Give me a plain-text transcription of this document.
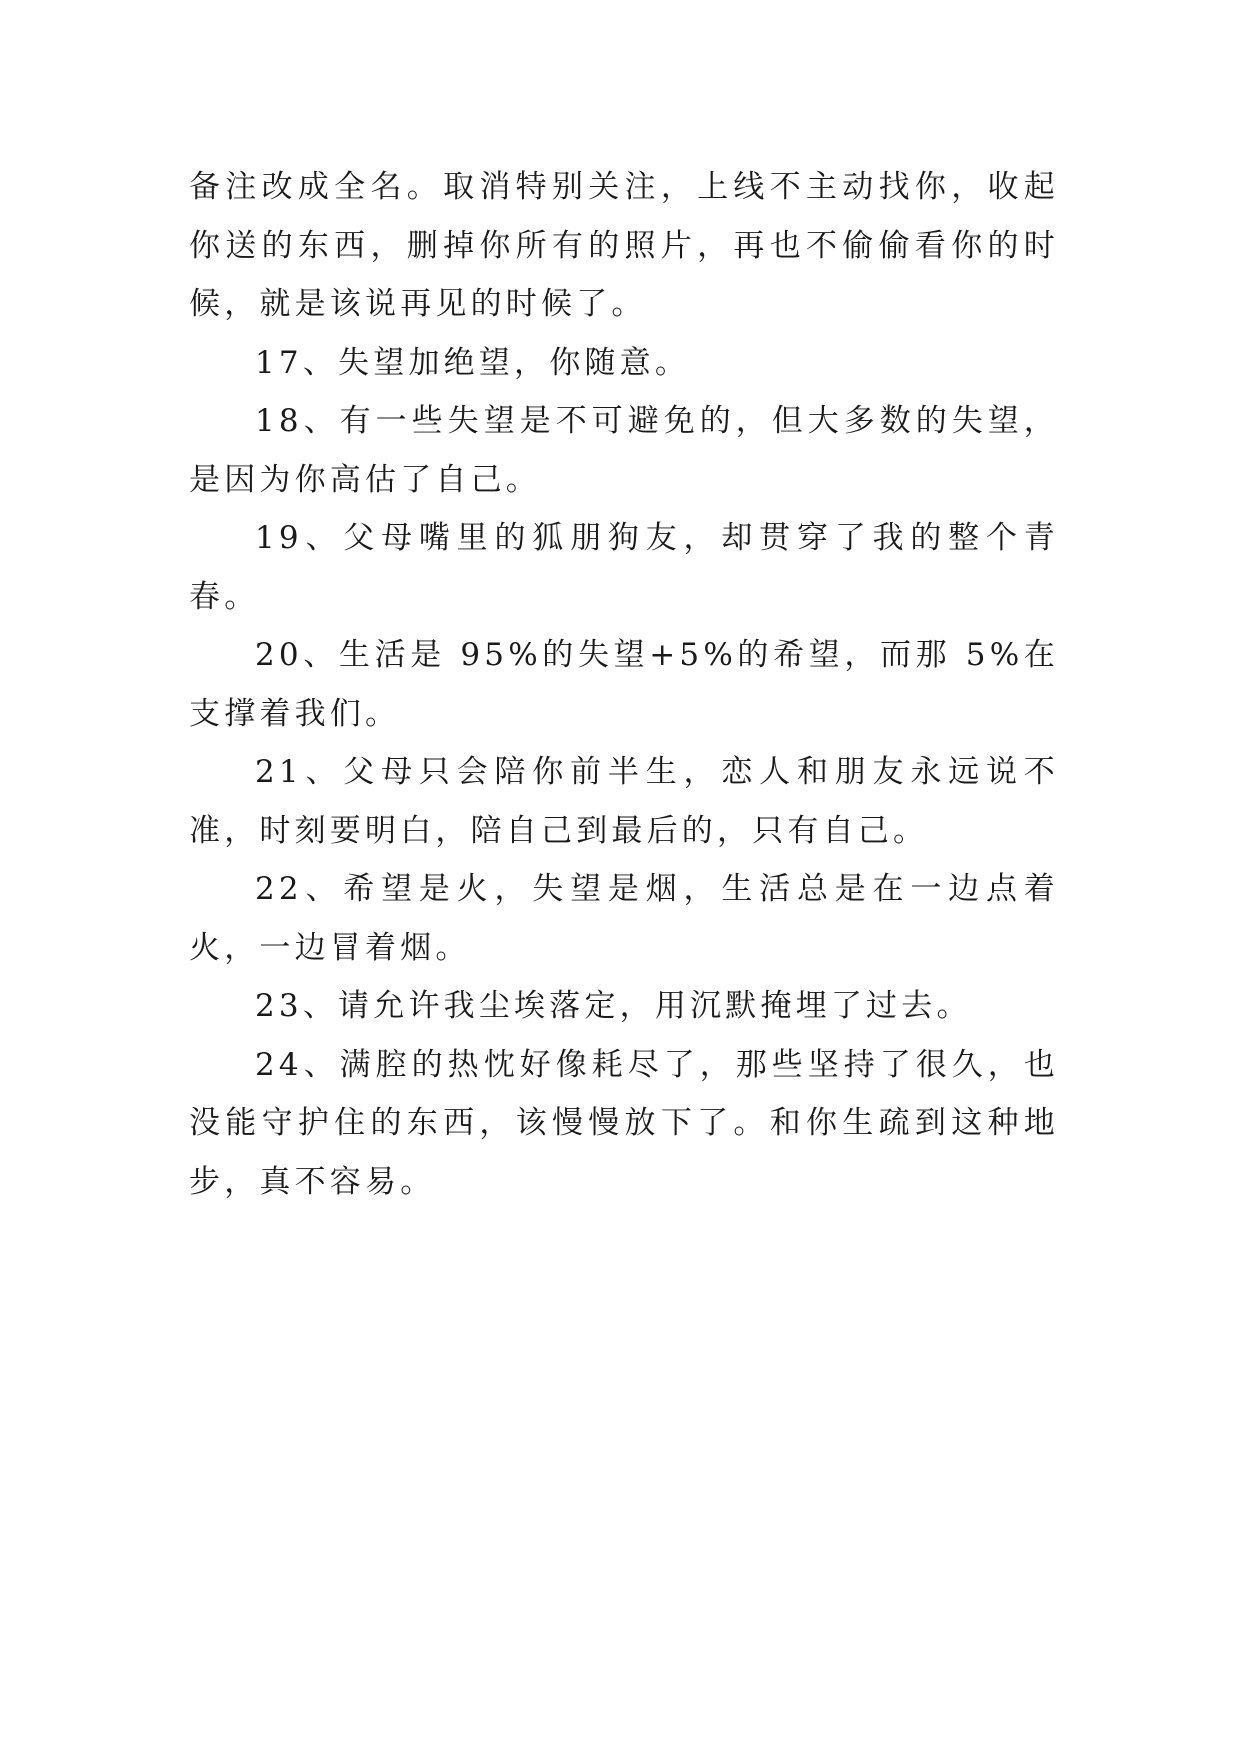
备注改成全名。取消特别关注，上线不主动找你，收起你送的东西，删掉你所有的照片，再也不偷偷看你的时候，就是该说再见的时候了。

17、失望加绝望，你随意。

18、有一些失望是不可避免的，但大多数的失望，是因为你高估了自己。

19、父母嘴里的狐朋狗友，却贯穿了我的整个青春。

20、生活是 95%的失望+5%的希望，而那 5%在支撑着我们。

21、父母只会陪你前半生，恋人和朋友永远说不准，时刻要明白，陪自己到最后的，只有自己。

22、希望是火，失望是烟，生活总是在一边点着火，一边冒着烟。

23、请允许我尘埃落定，用沉默掩埋了过去。

24、满腔的热忱好像耗尽了，那些坚持了很久，也没能守护住的东西，该慢慢放下了。和你生疏到这种地步，真不容易。
